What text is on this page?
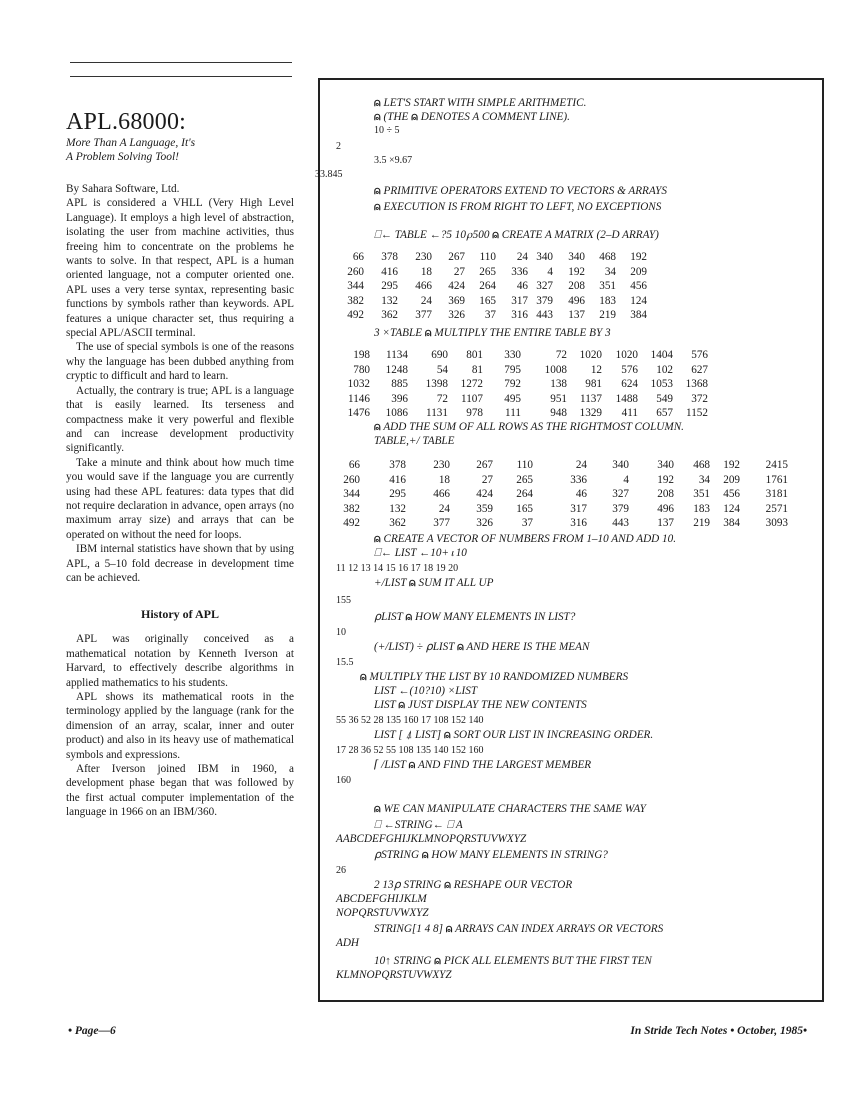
APL.68000:
More Than A Language, It's
A Problem Solving Tool!

By Sahara Software, Ltd.

APL is considered a VHLL (Very High Level Language). It employs a high level of abstraction, isolating the user from machine activities, thus freeing him to concentrate on the problems he wants to solve. In that respect, APL is a human oriented language, not a computer oriented one. APL uses a very terse syntax, representing basic functions by symbols rather than keywords. APL features a unique character set, thus requiring a special APL/ASCII terminal.

The use of special symbols is one of the reasons why the language has been dubbed anything from cryptic to difficult and hard to learn.

Actually, the contrary is true; APL is a language that is easily learned. Its terseness and compactness make it very powerful and flexible and can increase development productivity significantly.

Take a minute and think about how much time you would save if the language you are currently using had these APL features: data types that did not require declaration in advance, open arrays (no maximum array size) and arrays that can be operated on without the need for loops.

IBM internal statistics have shown that by using APL, a 5–10 fold decrease in development time can be achieved.

History of APL

APL was originally conceived as a mathematical notation by Kenneth Iverson at Harvard, to effectively describe algorithms in applied mathematics to his students.

APL shows its mathematical roots in the terminology applied by the language (rank for the dimension of an array, scalar, inner and outer product) and also in its heavy use of mathematical symbols and expressions.

After Iverson joined IBM in 1960, a development phase began that was followed by the first actual computer implementation of the language in 1966 on an IBM/360.

⍝ LET'S START WITH SIMPLE ARITHMETIC.
⍝ (THE ⍝ DENOTES A COMMENT LINE).
10 ÷ 5
2
3.5 ×9.67
33.845
⍝ PRIMITIVE OPERATORS EXTEND TO VECTORS & ARRAYS
⍝ EXECUTION IS FROM RIGHT TO LEFT, NO EXCEPTIONS
⎕← TABLE ←?5 10⍴500 ⍝ CREATE A MATRIX (2–D ARRAY)
66 378 230 267 110 24 340 340 468 192
260 416 18 27 265 336 4 192 34 209
344 295 466 424 264 46 327 208 351 456
382 132 24 369 165 317 379 496 183 124
492 362 377 326 37 316 443 137 219 384
3 ×TABLE ⍝ MULTIPLY THE ENTIRE TABLE BY 3
198 1134 690 801 330	72 1020 1020 1404 576
780 1248	54 81 795 1008 12 576 102 627
1032 885 1398 1272 792	138 981 624 1053 1368
1146 396	72 1107 495	951 1137 1488 549 372
1476 1086 1131 978 111	948 1329 411 657 1152
⍝ ADD THE SUM OF ALL ROWS AS THE RIGHTMOST COLUMN.
TABLE,+/ TABLE
66	378 230 267 110	24 340	340 468 192 2415
260	416	18	27 265	336	4	192 34 209 1761
344	295 466 424 264	46 327	208 351 456 3181
382	132	24 359 165	317 379	496 183 124 2571
492	362 377 326	37	316 443	137 219 384 3093
⍝ CREATE A VECTOR OF NUMBERS FROM 1–10 AND ADD 10.
⎕← LIST ←10+⍳10
11 12 13 14 15 16 17 18 19 20
+/LIST ⍝ SUM IT ALL UP
155
⍴LIST ⍝ HOW MANY ELEMENTS IN LIST?
10
(+/LIST) ÷ ⍴LIST ⍝ AND HERE IS THE MEAN
15.5
⍝ MULTIPLY THE LIST BY 10 RANDOMIZED NUMBERS
LIST ←(10?10) ×LIST
LIST ⍝ JUST DISPLAY THE NEW CONTENTS
55 36 52 28 135 160 17 108 152 140
LIST [ ⍋ LIST] ⍝ SORT OUR LIST IN INCREASING ORDER.
17 28 36 52 55 108 135 140 152 160
⌈ /LIST ⍝ AND FIND THE LARGEST MEMBER
160
⍝ WE CAN MANIPULATE CHARACTERS THE SAME WAY
⎕ ←STRING← ⎕ A
AABCDEFGHIJKLMNOPQRSTUVWXYZ
⍴STRING ⍝ HOW MANY ELEMENTS IN STRING?
26
2 13⍴ STRING ⍝ RESHAPE OUR VECTOR
ABCDEFGHIJKLM
NOPQRSTUVWXYZ
STRING[1 4 8] ⍝ ARRAYS CAN INDEX ARRAYS OR VECTORS
ADH
10↑ STRING ⍝ PICK ALL ELEMENTS BUT THE FIRST TEN
KLMNOPQRSTUVWXYZ
• Page—6	In Stride Tech Notes • October, 1985•
